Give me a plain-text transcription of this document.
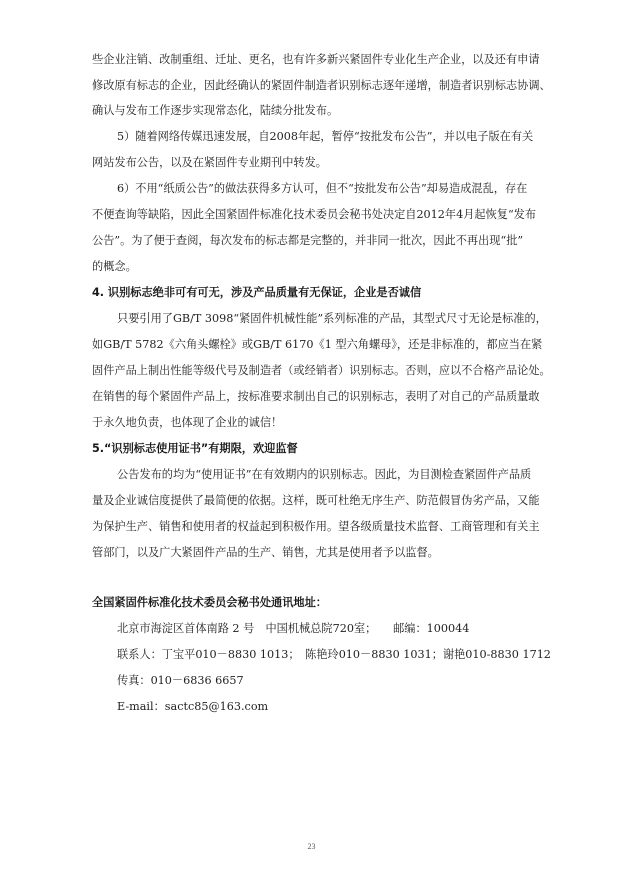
些企业注销、改制重组、迁址、更名，也有许多新兴紧固件专业化生产企业，以及还有申请
修改原有标志的企业，因此经确认的紧固件制造者识别标志逐年递增，制造者识别标志协调、
确认与发布工作逐步实现常态化，陆续分批发布。
5）随着网络传媒迅速发展，自2008年起，暂停“按批发布公告”，并以电子版在有关
网站发布公告，以及在紧固件专业期刊中转发。
6）不用“纸质公告”的做法获得多方认可，但不“按批发布公告”却易造成混乱，存在
不便查询等缺陷，因此全国紧固件标准化技术委员会秘书处决定自2012年4月起恢复“发布
公告”。为了便于查阅，每次发布的标志都是完整的，并非同一批次，因此不再出现“批”
的概念。
4. 识别标志绝非可有可无，涉及产品质量有无保证，企业是否诚信
只要引用了GB/T 3098“紧固件机械性能”系列标准的产品，其型式尺寸无论是标准的，
如GB/T 5782《六角头螺栓》或GB/T 6170《1 型六角螺母》，还是非标准的，都应当在紧
固件产品上制出性能等级代号及制造者（或经销者）识别标志。否则，应以不合格产品论处。
在销售的每个紧固件产品上，按标准要求制出自己的识别标志，表明了对自己的产品质量敢
于永久地负责，也体现了企业的诚信！
5.“识别标志使用证书”有期限，欢迎监督
公告发布的均为“使用证书”在有效期内的识别标志。因此，为目测检查紧固件产品质
量及企业诚信度提供了最简便的依据。这样，既可杜绝无序生产、防范假冒伪劣产品，又能
为保护生产、销售和使用者的权益起到积极作用。望各级质量技术监督、工商管理和有关主
管部门，以及广大紧固件产品的生产、销售，尤其是使用者予以监督。
全国紧固件标准化技术委员会秘书处通讯地址：
北京市海淀区首体南路 2 号　中国机械总院720室；　　邮编：100044
联系人：丁宝平010－8830 1013；　陈艳玲010－8830 1031；谢艳010-8830 1712
传真：010－6836 6657
E-mail：sactc85@163.com
23
